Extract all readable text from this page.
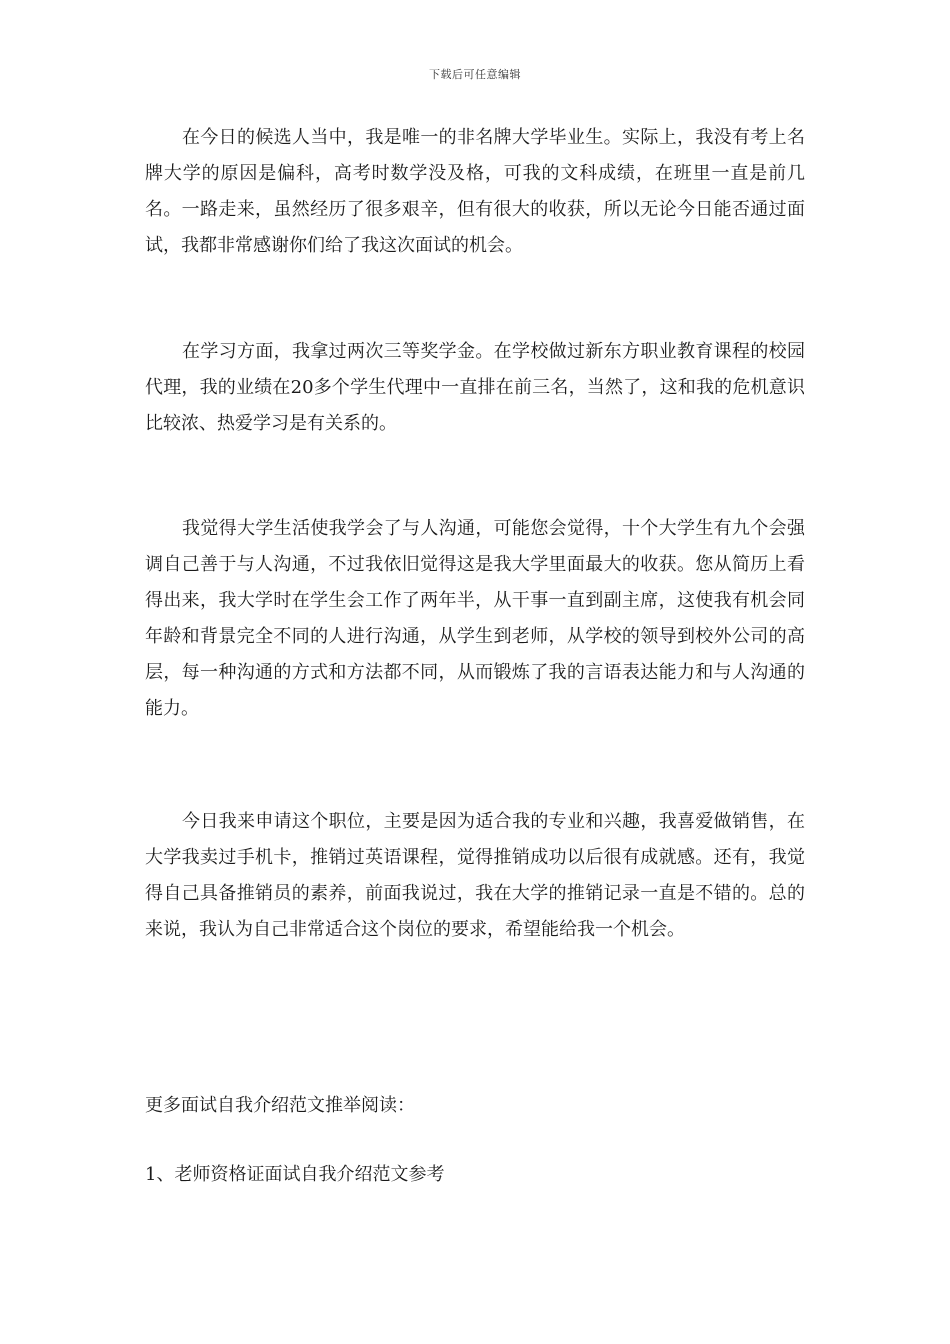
下载后可任意编辑

在今日的候选人当中，我是唯一的非名牌大学毕业生。实际上，我没有考上名牌大学的原因是偏科，高考时数学没及格，可我的文科成绩，在班里一直是前几名。一路走来，虽然经历了很多艰辛，但有很大的收获，所以无论今日能否通过面试，我都非常感谢你们给了我这次面试的机会。

在学习方面，我拿过两次三等奖学金。在学校做过新东方职业教育课程的校园代理，我的业绩在20多个学生代理中一直排在前三名，当然了，这和我的危机意识比较浓、热爱学习是有关系的。

我觉得大学生活使我学会了与人沟通，可能您会觉得，十个大学生有九个会强调自己善于与人沟通，不过我依旧觉得这是我大学里面最大的收获。您从简历上看得出来，我大学时在学生会工作了两年半，从干事一直到副主席，这使我有机会同年龄和背景完全不同的人进行沟通，从学生到老师，从学校的领导到校外公司的高层，每一种沟通的方式和方法都不同，从而锻炼了我的言语表达能力和与人沟通的能力。

今日我来申请这个职位，主要是因为适合我的专业和兴趣，我喜爱做销售，在大学我卖过手机卡，推销过英语课程，觉得推销成功以后很有成就感。还有，我觉得自己具备推销员的素养，前面我说过，我在大学的推销记录一直是不错的。总的来说，我认为自己非常适合这个岗位的要求，希望能给我一个机会。

更多面试自我介绍范文推举阅读：

1、老师资格证面试自我介绍范文参考
